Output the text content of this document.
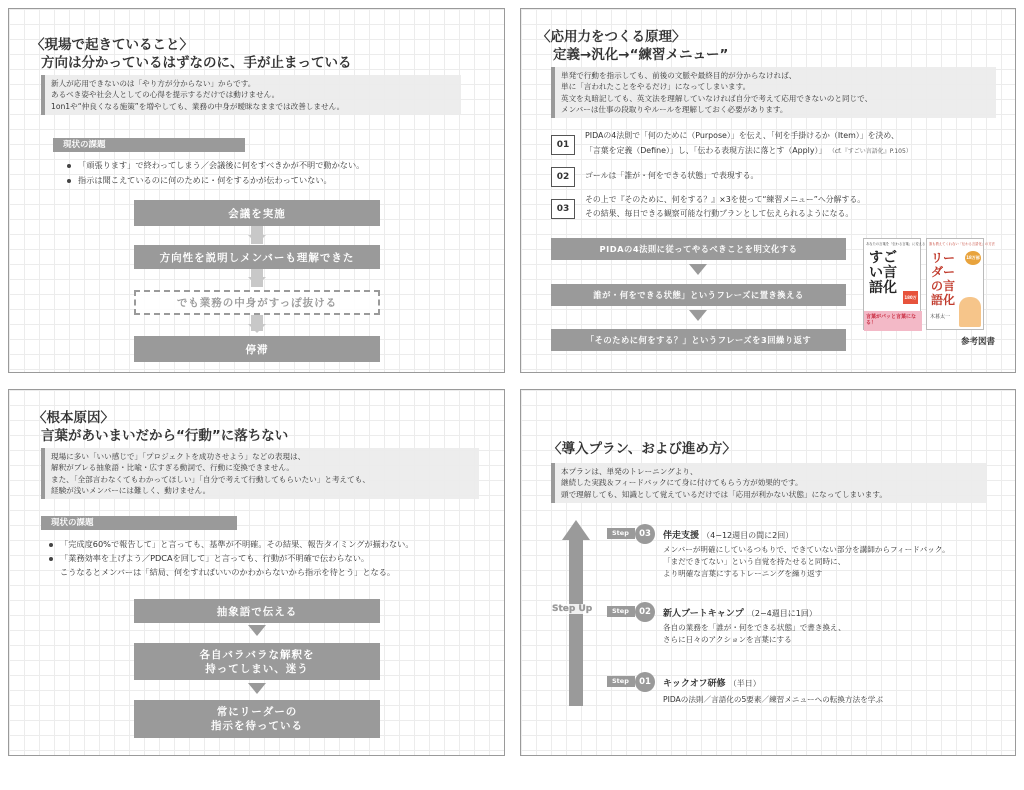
〈現場で起きていること〉
方向は分かっているはずなのに、手が止まっている
新人が応用できないのは「やり方が分からない」からです。
あるべき姿や社会人としての心得を提示するだけでは動けません。
1on1や“仲良くなる施策”を増やしても、業務の中身が曖昧なままでは改善しません。
現状の課題
「頑張ります」で終わってしまう／会議後に何をすべきかが不明で動かない。
指示は聞こえているのに何のために・何をするかが伝わっていない。
会議を実施
方向性を説明しメンバーも理解できた
でも業務の中身がすっぽ抜ける
停滞
〈応用力をつくる原理〉
定義→汎化→“練習メニュー”
単発で行動を指示しても、前後の文脈や最終目的が分からなければ、
単に「言われたことをやるだけ」になってしまいます。
英文を丸暗記しても、英文法を理解していなければ自分で考えて応用できないのと同じで、
メンバーは仕事の段取りやルールを理解しておく必要があります。
01
PIDAの4法則で「何のために（Purpose）」を伝え、「何を手掛けるか（Item）」を決め、
「言葉を定義（Define）」し、「伝わる表現方法に落とす（Apply）」 （cf.『すごい言語化』P.105）
02	ゴールは「誰が・何をできる状態」で表現する。
03
その上で『そのために、何をする？』×3を使って“練習メニュー”へ分解する。
その結果、毎日できる観察可能な行動プランとして伝えられるようになる。
PIDAの4法則に従ってやるべきことを明文化する
誰が・何をできる状態」というフレーズに置き換える
「そのために何をする？」というフレーズを3回繰り返す
あなたの言葉を「伝わる言葉」に変える
すごい言語化
180万
言葉がパッと言葉になる！
誰も教えてくれない「伝わる言語化」の方法
リーダーの言語化
18万部
木暮太一
参考図書
〈根本原因〉
言葉があいまいだから“行動”に落ちない
現場に多い「いい感じで」「プロジェクトを成功させよう」などの表現は、
解釈がブレる抽象語・比喩・広すぎる動詞で、行動に変換できません。
また、「全部言わなくてもわかってほしい」「自分で考えて行動してもらいたい」と考えても、
経験が浅いメンバーには難しく、動けません。
現状の課題
「完成度60%で報告して」と言っても、基準が不明確。その結果、報告タイミングが揃わない。
「業務効率を上げよう／PDCAを回して」と言っても、行動が不明確で伝わらない。
こうなるとメンバーは「結局、何をすればいいのかわからないから指示を待とう」となる。
抽象語で伝える
各自バラバラな解釈を
持ってしまい、迷う
常にリーダーの
指示を待っている
〈導入プラン、および進め方〉
本プランは、単発のトレーニングより、
継続した実践＆フィードバックにて身に付けてもらう方が効果的です。
頭で理解しても、知識として覚えているだけでは「応用が利かない状態」になってしまいます。
Step Up
Step	03	伴走支援 （4−12週目の間に2回）
メンバーが明確にしているつもりで、できていない部分を講師からフィードバック。
「まだできてない」という自覚を持たせると同時に、
より明確な言葉にするトレーニングを繰り返す
Step	02	新人ブートキャンプ （2−4週目に1回）
各自の業務を「誰が・何をできる状態」で書き換え、
さらに日々のアクションを言葉にする
Step	01	キックオフ研修 （半日）
PIDAの法則／言語化の5要素／練習メニューへの転換方法を学ぶ
